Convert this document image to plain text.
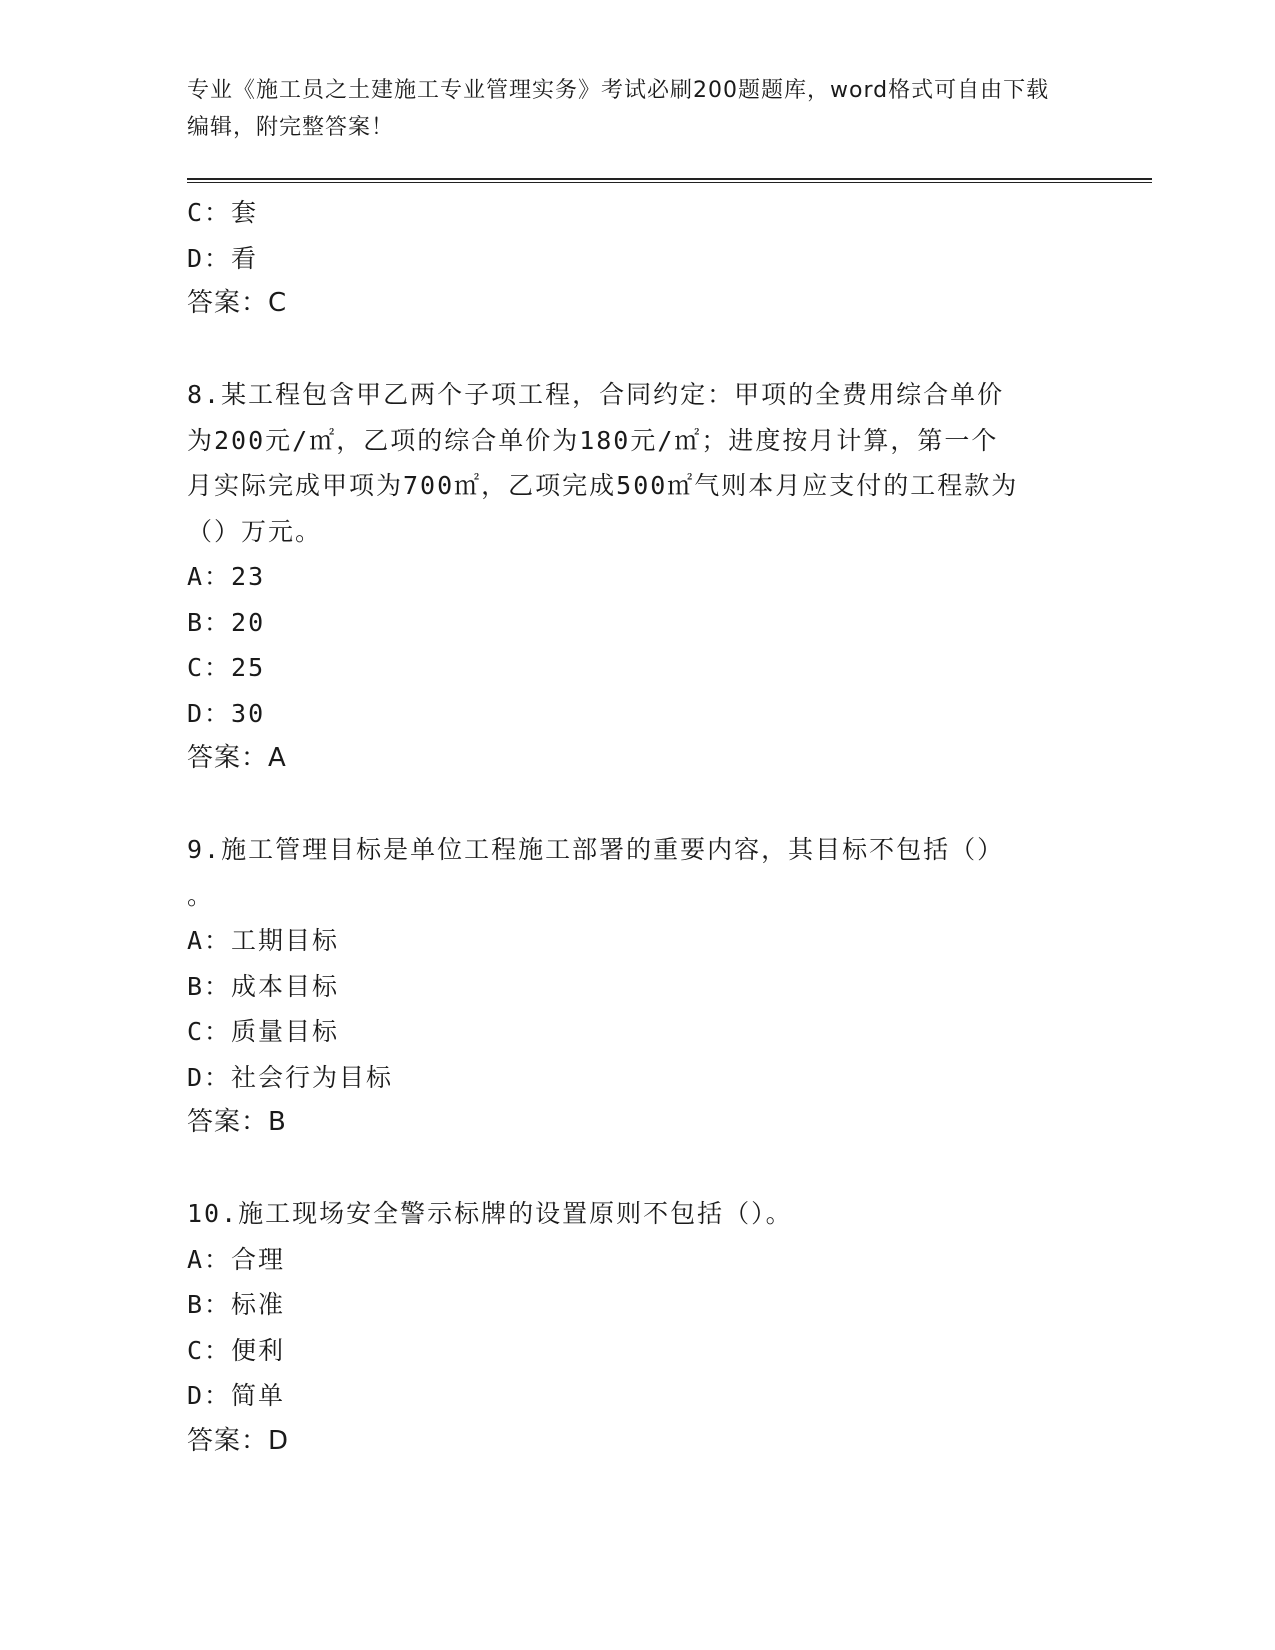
专业《施工员之土建施工专业管理实务》考试必刷200题题库，word格式可自由下载编辑，附完整答案！
C：套
D：看
答案：C
8.某工程包含甲乙两个子项工程，合同约定：甲项的全费用综合单价
为200元/㎡，乙项的综合单价为180元/㎡；进度按月计算，第一个
月实际完成甲项为700㎡，乙项完成500㎡气则本月应支付的工程款为
（）万元。
A：23
B：20
C：25
D：30
答案：A
9.施工管理目标是单位工程施工部署的重要内容，其目标不包括（）
。
A：工期目标
B：成本目标
C：质量目标
D：社会行为目标
答案：B
10.施工现场安全警示标牌的设置原则不包括（）。
A：合理
B：标准
C：便利
D：简单
答案：D
